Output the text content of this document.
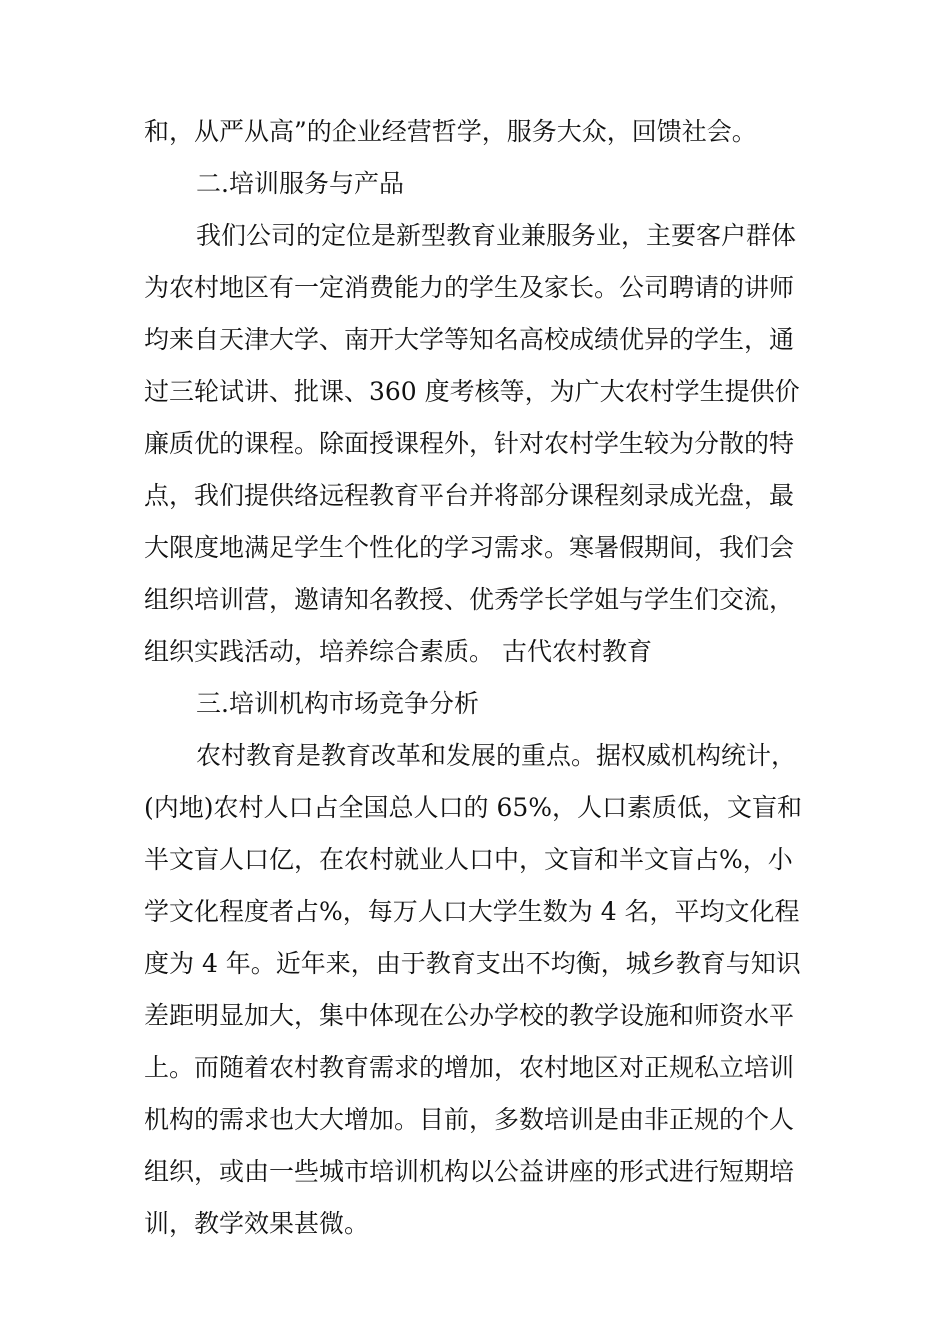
和，从严从高”的企业经营哲学，服务大众，回馈社会。
二.培训服务与产品
我们公司的定位是新型教育业兼服务业，主要客户群体
为农村地区有一定消费能力的学生及家长。公司聘请的讲师
均来自天津大学、南开大学等知名高校成绩优异的学生，通
过三轮试讲、批课、360 度考核等，为广大农村学生提供价
廉质优的课程。除面授课程外，针对农村学生较为分散的特
点，我们提供络远程教育平台并将部分课程刻录成光盘，最
大限度地满足学生个性化的学习需求。寒暑假期间，我们会
组织培训营，邀请知名教授、优秀学长学姐与学生们交流，
组织实践活动，培养综合素质。 古代农村教育
三.培训机构市场竞争分析
农村教育是教育改革和发展的重点。据权威机构统计，
(内地)农村人口占全国总人口的 65%，人口素质低，文盲和
半文盲人口亿，在农村就业人口中，文盲和半文盲占%，小
学文化程度者占%，每万人口大学生数为 4 名，平均文化程
度为 4 年。近年来，由于教育支出不均衡，城乡教育与知识
差距明显加大，集中体现在公办学校的教学设施和师资水平
上。而随着农村教育需求的增加，农村地区对正规私立培训
机构的需求也大大增加。目前，多数培训是由非正规的个人
组织，或由一些城市培训机构以公益讲座的形式进行短期培
训，教学效果甚微。
